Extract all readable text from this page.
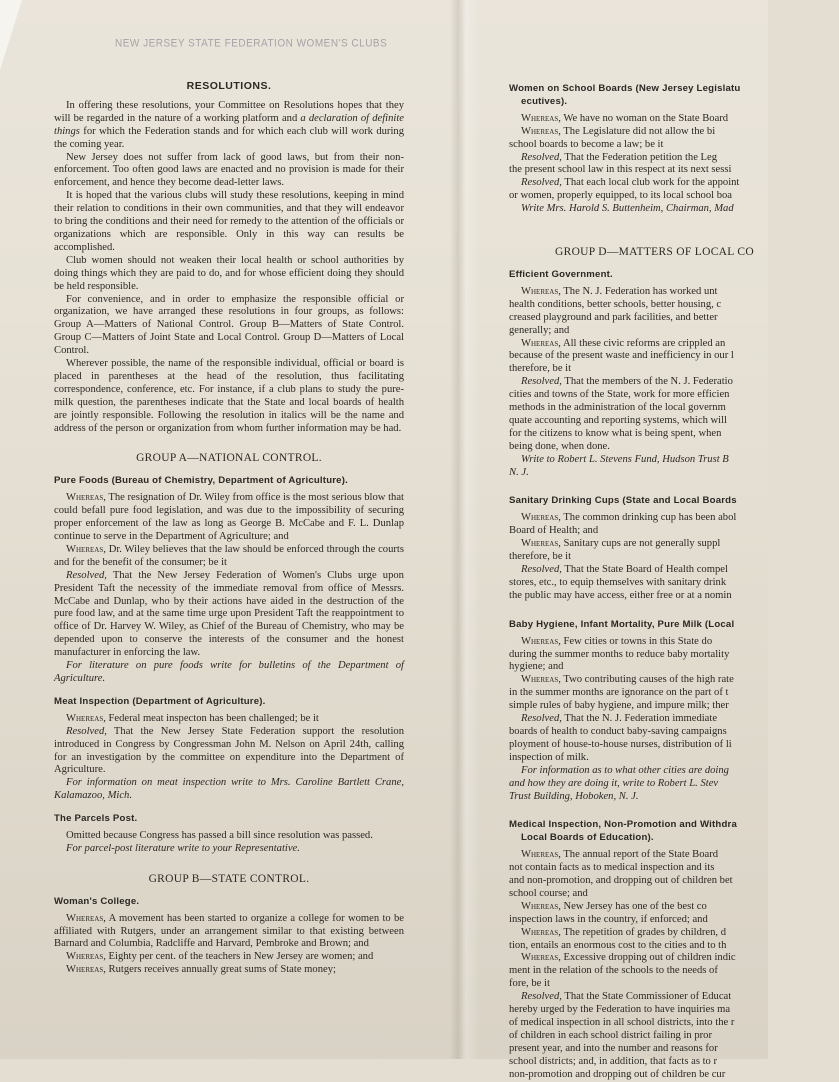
NEW JERSEY STATE FEDERATION WOMEN'S CLUBS
RESOLUTIONS.

In offering these resolutions, your Committee on Resolutions hopes that they will be regarded in the nature of a working platform and a declaration of definite things for which the Federation stands and for which each club will work during the coming year.

New Jersey does not suffer from lack of good laws, but from their non-enforcement. Too often good laws are enacted and no provision is made for their enforcement, and hence they become dead-letter laws.

It is hoped that the various clubs will study these resolutions, keeping in mind their relation to conditions in their own communities, and that they will endeavor to bring the conditions and their need for remedy to the attention of the officials or organizations which are responsible. Only in this way can results be accomplished.

Club women should not weaken their local health or school authorities by doing things which they are paid to do, and for whose efficient doing they should be held responsible.

For convenience, and in order to emphasize the responsible official or organization, we have arranged these resolutions in four groups, as follows: Group A—Matters of National Control. Group B—Matters of State Control. Group C—Matters of Joint State and Local Control. Group D—Matters of Local Control.

Wherever possible, the name of the responsible individual, official or board is placed in parentheses at the head of the resolution, thus facilitating correspondence, conference, etc. For instance, if a club plans to study the pure-milk question, the parentheses indicate that the State and local boards of health are jointly responsible. Following the resolution in italics will be the name and address of the person or organization from whom further information may be had.

GROUP A—NATIONAL CONTROL.
Pure Foods (Bureau of Chemistry, Department of Agriculture).

Whereas, The resignation of Dr. Wiley from office is the most serious blow that could befall pure food legislation, and was due to the impossibility of securing proper enforcement of the law as long as George B. McCabe and F. L. Dunlap continue to serve in the Department of Agriculture; and

Whereas, Dr. Wiley believes that the law should be enforced through the courts and for the benefit of the consumer; be it

Resolved, That the New Jersey Federation of Women's Clubs urge upon President Taft the necessity of the immediate removal from office of Messrs. McCabe and Dunlap, who by their actions have aided in the destruction of the pure food law, and at the same time urge upon President Taft the reappointment to office of Dr. Harvey W. Wiley, as Chief of the Bureau of Chemistry, who may be depended upon to conserve the interests of the consumer and the honest manufacturer in enforcing the law.

For literature on pure foods write for bulletins of the Department of Agriculture.

Meat Inspection (Department of Agriculture).

Whereas, Federal meat inspecton has been challenged; be it

Resolved, That the New Jersey State Federation support the resolution introduced in Congress by Congressman John M. Nelson on April 24th, calling for an investigation by the committee on expenditure into the Department of Agriculture.

For information on meat inspection write to Mrs. Caroline Bartlett Crane, Kalamazoo, Mich.

The Parcels Post.

Omitted because Congress has passed a bill since resolution was passed.

For parcel-post literature write to your Representative.

GROUP B—STATE CONTROL.
Woman's College.

Whereas, A movement has been started to organize a college for women to be affiliated with Rutgers, under an arrangement similar to that existing between Barnard and Columbia, Radcliffe and Harvard, Pembroke and Brown; and

Whereas, Eighty per cent. of the teachers in New Jersey are women; and

Whereas, Rutgers receives annually great sums of State money;

Women on School Boards (New Jersey Legislatu
ecutives).

Whereas, We have no woman on the State Board

Whereas, The Legislature did not allow the bi

school boards to become a law; be it

Resolved, That the Federation petition the Leg

the present school law in this respect at its next sessi

Resolved, That each local club work for the appoint

or women, properly equipped, to its local school boa

Write Mrs. Harold S. Buttenheim, Chairman, Mad

GROUP D—MATTERS OF LOCAL CO
Efficient Government.

Whereas, The N. J. Federation has worked unt

health conditions, better schools, better housing, c

creased playground and park facilities, and better

generally; and

Whereas, All these civic reforms are crippled an

because of the present waste and inefficiency in our l

therefore, be it

Resolved, That the members of the N. J. Federatio

cities and towns of the State, work for more efficien

methods in the administration of the local governm

quate accounting and reporting systems, which will

for the citizens to know what is being spent, when

being done, when done.

Write to Robert L. Stevens Fund, Hudson Trust B

N. J.

Sanitary Drinking Cups (State and Local Boards

Whereas, The common drinking cup has been abol

Board of Health; and

Whereas, Sanitary cups are not generally suppl

therefore, be it

Resolved, That the State Board of Health compel

stores, etc., to equip themselves with sanitary drink

the public may have access, either free or at a nomin

Baby Hygiene, Infant Mortality, Pure Milk (Local

Whereas, Few cities or towns in this State do

during the summer months to reduce baby mortality

hygiene; and

Whereas, Two contributing causes of the high rate

in the summer months are ignorance on the part of t

simple rules of baby hygiene, and impure milk; ther

Resolved, That the N. J. Federation immediate

boards of health to conduct baby-saving campaigns

ployment of house-to-house nurses, distribution of li

inspection of milk.

For information as to what other cities are doing

and how they are doing it, write to Robert L. Stev

Trust Building, Hoboken, N. J.

Medical Inspection, Non-Promotion and Withdra
Local Boards of Education).

Whereas, The annual report of the State Board

not contain facts as to medical inspection and its

and non-promotion, and dropping out of children bet

school course; and

Whereas, New Jersey has one of the best co

inspection laws in the country, if enforced; and

Whereas, The repetition of grades by children, d

tion, entails an enormous cost to the cities and to th

Whereas, Excessive dropping out of children indic

ment in the relation of the schools to the needs of

fore, be it

Resolved, That the State Commissioner of Educat

hereby urged by the Federation to have inquiries ma

of medical inspection in all school districts, into the r

of children in each school district failing in pror

present year, and into the number and reasons for

school districts; and, in addition, that facts as to r

non-promotion and dropping out of children be cur
